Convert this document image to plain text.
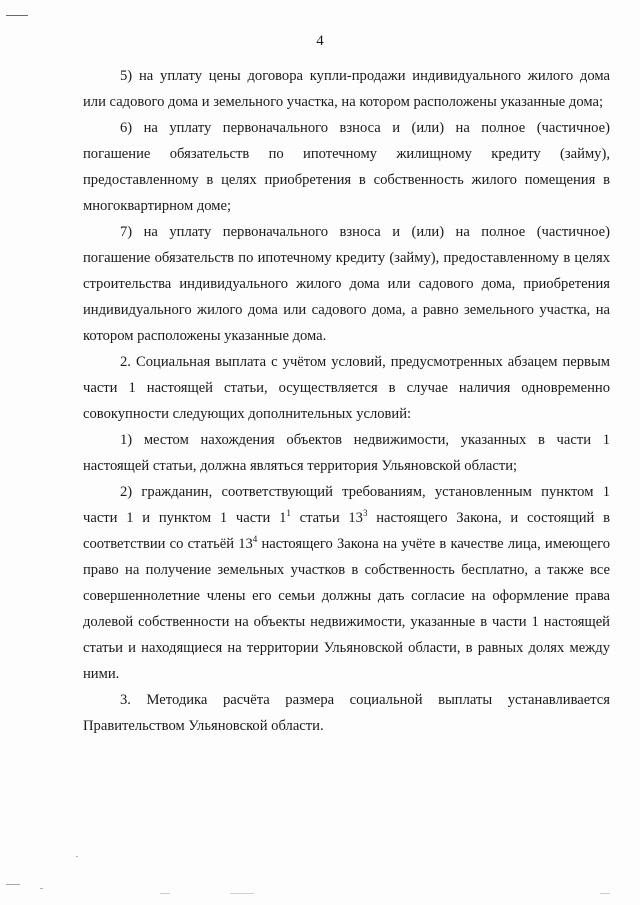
4

5) на уплату цены договора купли-продажи индивидуального жилого дома или садового дома и земельного участка, на котором расположены указанные дома;

6) на уплату первоначального взноса и (или) на полное (частичное) погашение обязательств по ипотечному жилищному кредиту (займу), предоставленному в целях приобретения в собственность жилого помещения в многоквартирном доме;

7) на уплату первоначального взноса и (или) на полное (частичное) погашение обязательств по ипотечному кредиту (займу), предоставленному в целях строительства индивидуального жилого дома или садового дома, приобретения индивидуального жилого дома или садового дома, а равно земельного участка, на котором расположены указанные дома.

2. Социальная выплата с учётом условий, предусмотренных абзацем первым части 1 настоящей статьи, осуществляется в случае наличия одновременно совокупности следующих дополнительных условий:

1) местом нахождения объектов недвижимости, указанных в части 1 настоящей статьи, должна являться территория Ульяновской области;

2) гражданин, соответствующий требованиям, установленным пунктом 1 части 1 и пунктом 1 части $1^1$ статьи $13^3$ настоящего Закона, и состоящий в соответствии со статьёй $13^4$ настоящего Закона на учёте в качестве лица, имеющего право на получение земельных участков в собственность бесплатно, а также все совершеннолетние члены его семьи должны дать согласие на оформление права долевой собственности на объекты недвижимости, указанные в части 1 настоящей статьи и находящиеся на территории Ульяновской области, в равных долях между ними.

3. Методика расчёта размера социальной выплаты устанавливается Правительством Ульяновской области.
